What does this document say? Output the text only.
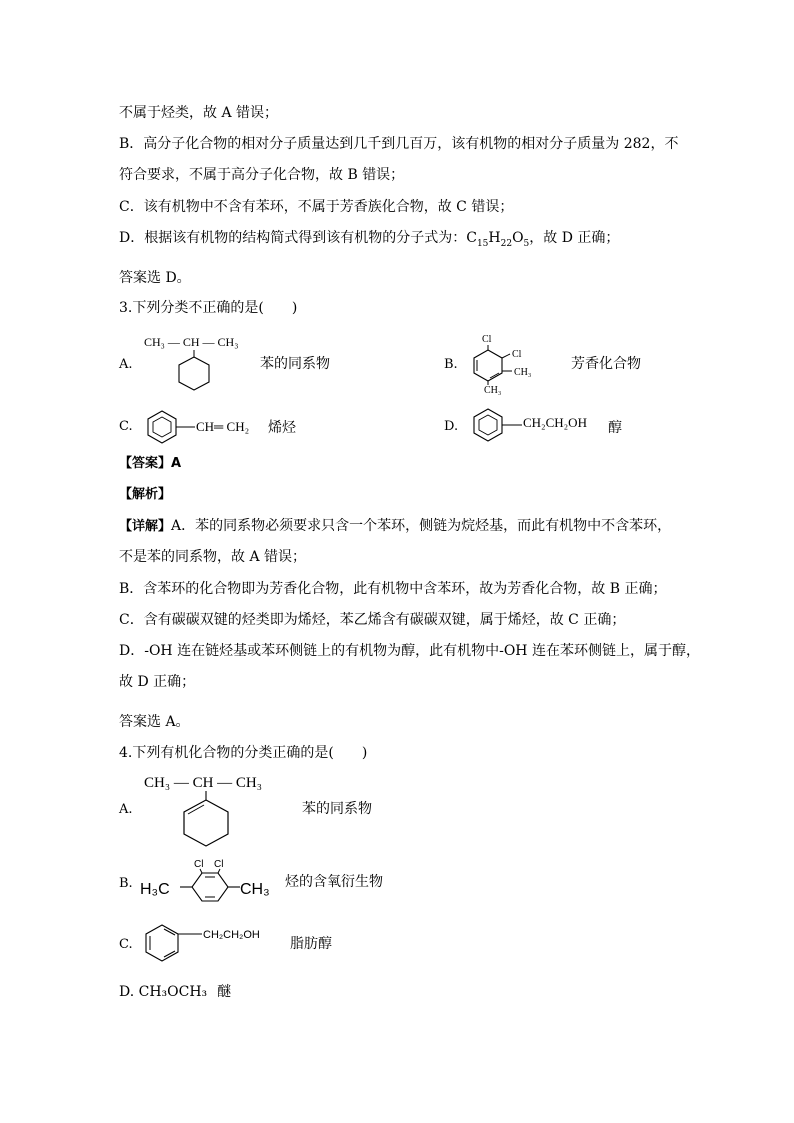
不属于烃类，故 A 错误；
B．高分子化合物的相对分子质量达到几千到几百万，该有机物的相对分子质量为 282，不
符合要求，不属于高分子化合物，故 B 错误；
C．该有机物中不含有苯环，不属于芳香族化合物，故 C 错误；
D．根据该有机物的结构简式得到该有机物的分子式为：$C_{15}H_{22}O_5$，故 D 正确；
答案选 D。
3.下列分类不正确的是(　　)
A.
CH₃ — CH — CH₃
苯的同系物	B.
Cl
Cl
CH₃
CH₃
芳香化合物
C.	CH═ CH₂ 烯烃	D.	CH₂CH₂OH 醇
【答案】A
【解析】
【详解】A．苯的同系物必须要求只含一个苯环，侧链为烷烃基，而此有机物中不含苯环，
不是苯的同系物，故 A 错误；
B．含苯环的化合物即为芳香化合物，此有机物中含苯环，故为芳香化合物，故 B 正确；
C．含有碳碳双键的烃类即为烯烃，苯乙烯含有碳碳双键，属于烯烃，故 C 正确；
D．-OH 连在链烃基或苯环侧链上的有机物为醇，此有机物中-OH 连在苯环侧链上，属于醇，
故 D 正确；
答案选 A。
4.下列有机化合物的分类正确的是(　　)
A.
CH₃ — CH — CH₃
苯的同系物
B.
Cl Cl
H₃C	CH₃ 烃的含氧衍生物
C.
CH₂CH₂OH
脂肪醇
D. CH₃OCH₃ 醚
